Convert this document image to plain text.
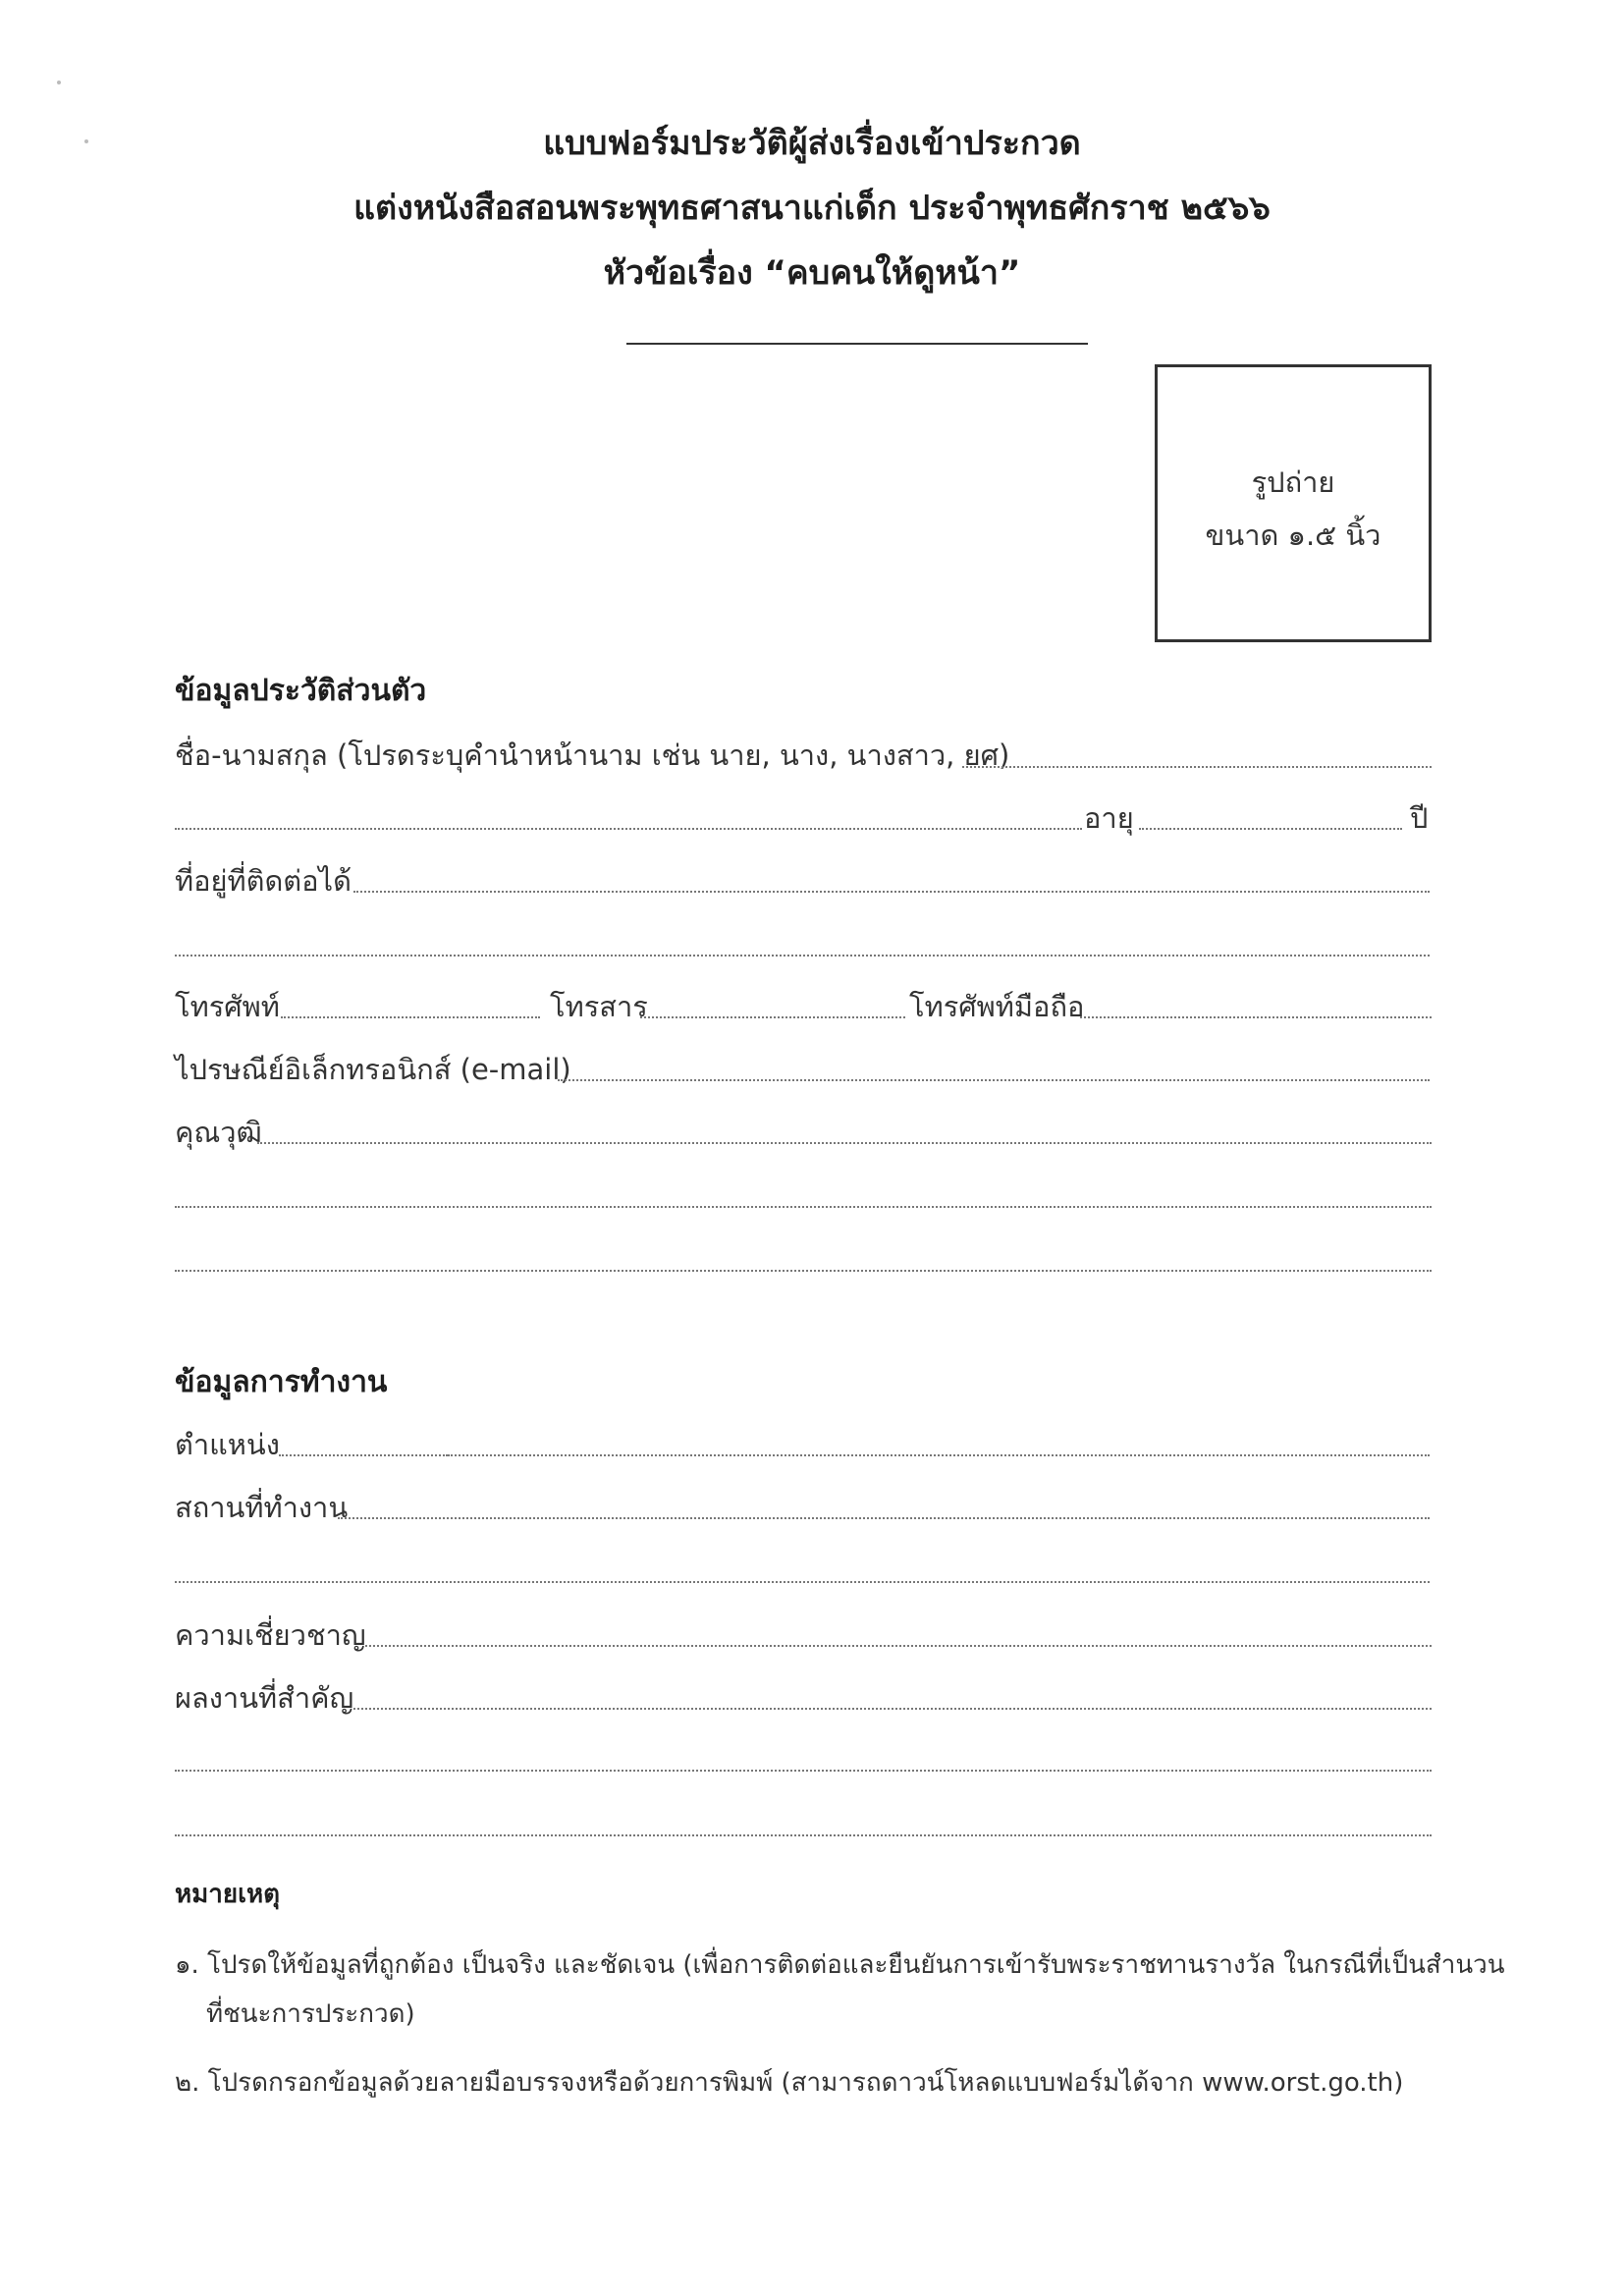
แบบฟอร์มประวัติผู้ส่งเรื่องเข้าประกวด
แต่งหนังสือสอนพระพุทธศาสนาแก่เด็ก ประจำพุทธศักราช ๒๕๖๖
หัวข้อเรื่อง “คบคนให้ดูหน้า”
รูปถ่าย
ขนาด ๑.๕ นิ้ว
ข้อมูลประวัติส่วนตัว
ชื่อ-นามสกุล (โปรดระบุคำนำหน้านาม เช่น นาย, นาง, นางสาว, ยศ)
อายุ	ปี
ที่อยู่ที่ติดต่อได้
โทรศัพท์	โทรสาร	โทรศัพท์มือถือ
ไปรษณีย์อิเล็กทรอนิกส์ (e-mail)
คุณวุฒิ
ข้อมูลการทำงาน
ตำแหน่ง
สถานที่ทำงาน
ความเชี่ยวชาญ
ผลงานที่สำคัญ
หมายเหตุ
๑. โปรดให้ข้อมูลที่ถูกต้อง เป็นจริง และชัดเจน (เพื่อการติดต่อและยืนยันการเข้ารับพระราชทานรางวัล ในกรณีที่เป็นสำนวน
ที่ชนะการประกวด)
๒. โปรดกรอกข้อมูลด้วยลายมือบรรจงหรือด้วยการพิมพ์ (สามารถดาวน์โหลดแบบฟอร์มได้จาก www.orst.go.th)
